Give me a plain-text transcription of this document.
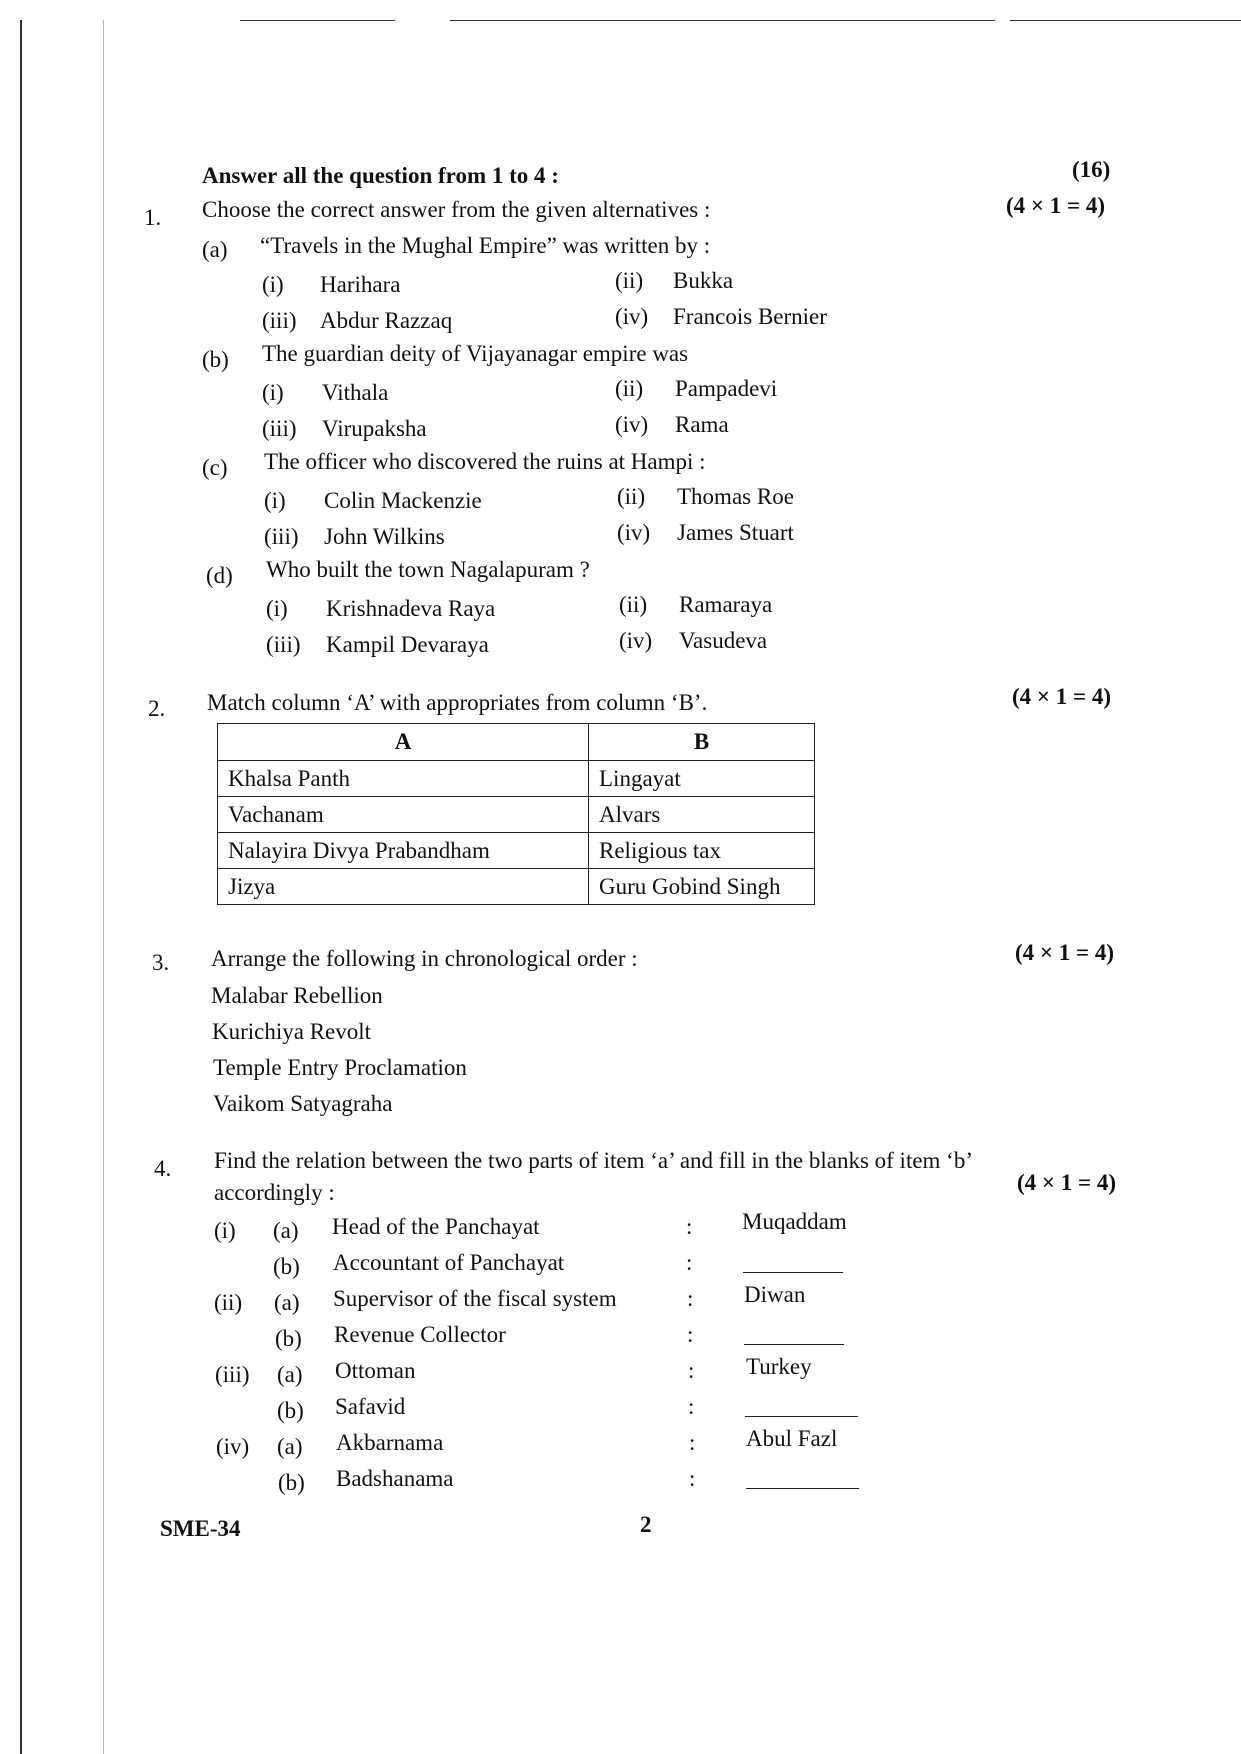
Answer all the question from 1 to 4 :	(16)
1. Choose the correct answer from the given alternatives :	(4 × 1 = 4)
(a) “Travels in the Mughal Empire” was written by :
(i) Harihara	(ii) Bukka
(iii) Abdur Razzaq	(iv) Francois Bernier
(b) The guardian deity of Vijayanagar empire was
(i) Vithala	(ii) Pampadevi
(iii) Virupaksha	(iv) Rama
(c) The officer who discovered the ruins at Hampi :
(i) Colin Mackenzie	(ii) Thomas Roe
(iii) John Wilkins	(iv) James Stuart
(d) Who built the town Nagalapuram ?
(i) Krishnadeva Raya	(ii) Ramaraya
(iii) Kampil Devaraya	(iv) Vasudeva
2. Match column ‘A’ with appropriates from column ‘B’.	(4 × 1 = 4)
A	B
Khalsa Panth	Lingayat
Vachanam	Alvars
Nalayira Divya Prabandham	Religious tax
Jizya	Guru Gobind Singh
3. Arrange the following in chronological order :	(4 × 1 = 4)
Malabar Rebellion
Kurichiya Revolt
Temple Entry Proclamation
Vaikom Satyagraha
4. Find the relation between the two parts of item ‘a’ and fill in the blanks of item ‘b’
accordingly :	(4 × 1 = 4)
(i) (a) Head of the Panchayat	: Muqaddam
(b) Accountant of Panchayat	:
(ii) (a) Supervisor of the fiscal system	: Diwan
(b) Revenue Collector	:
(iii) (a) Ottoman	: Turkey
(b) Safavid	:
(iv) (a) Akbarnama	: Abul Fazl
(b) Badshanama	:
SME-34	2
